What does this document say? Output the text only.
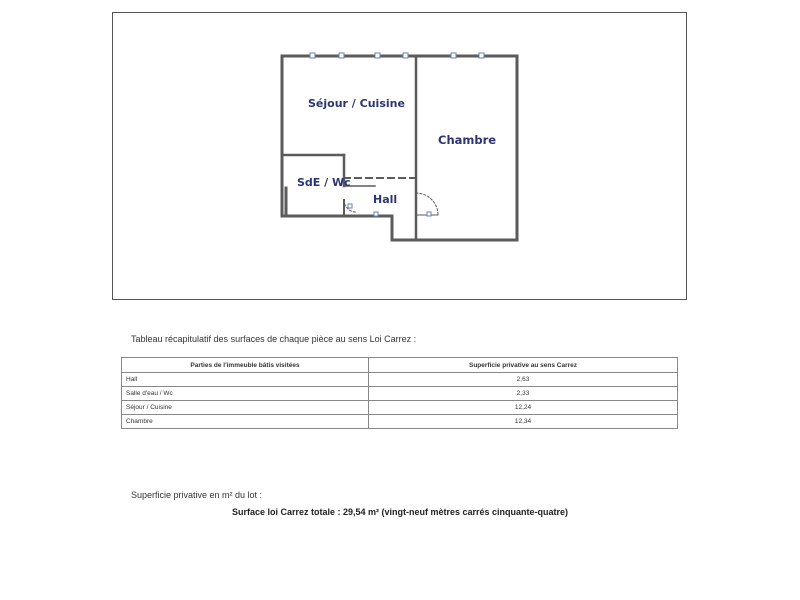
Séjour / Cuisine
Chambre
SdE / Wc
Hall
Tableau récapitulatif des surfaces de chaque pièce au sens Loi Carrez :
Parties de l'immeuble bâtis visitées	Superficie privative au sens Carrez
Hall	2,63
Salle d'eau / Wc	2,33
Séjour / Cuisine	12,24
Chambre	12,34
Superficie privative en m² du lot :
Surface loi Carrez totale : 29,54 m² (vingt-neuf mètres carrés cinquante-quatre)
